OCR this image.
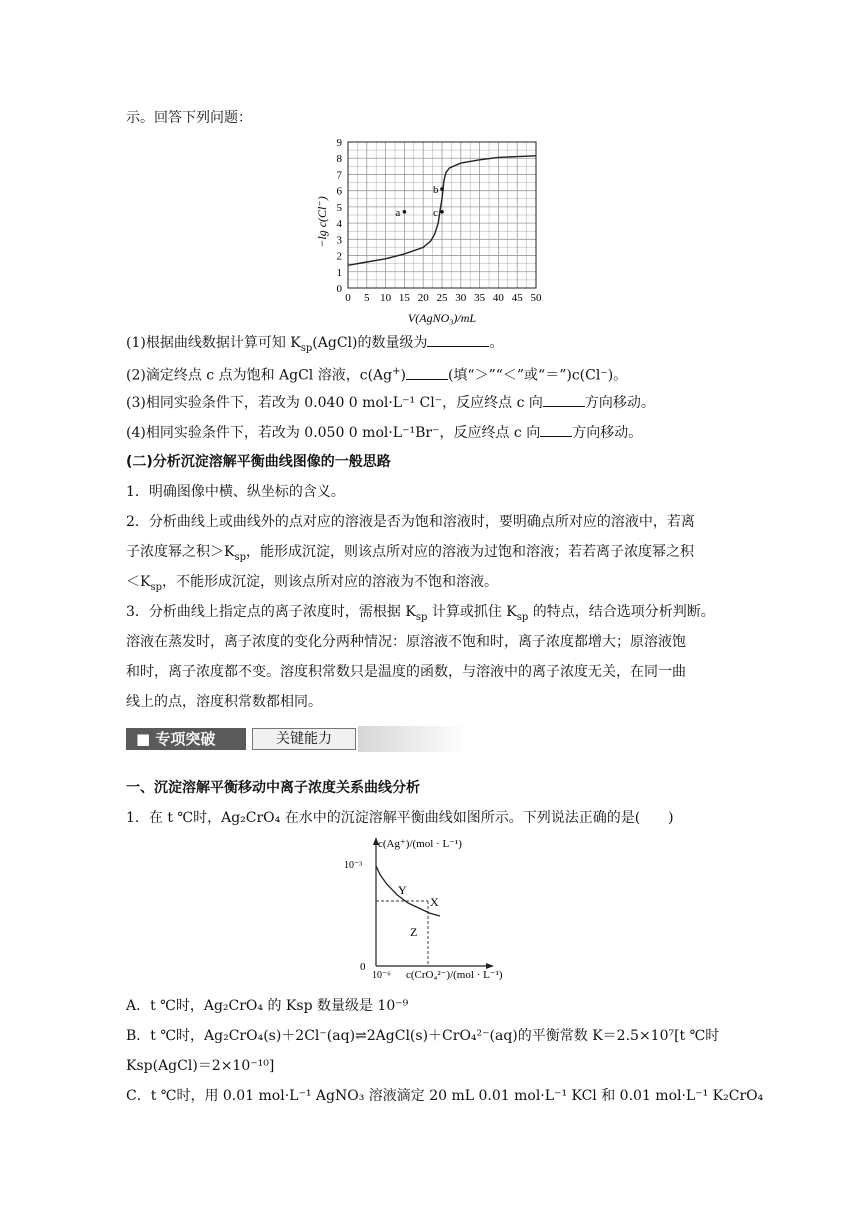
示。回答下列问题：
0 5 10 15 20 25 30 35 40 45 50
0
1
2
3
4
5
6
7
8
9
a
b
c
−lg c(Cl⁻)
V(AgNO₃)/mL
(1)根据曲线数据计算可知 $K_{sp}(AgCl)$的数量级为	。
(2)滴定终点 c 点为饱和 AgCl 溶液，c(Ag+)	(填“＞”“＜”或“＝”)c(Cl⁻)。
(3)相同实验条件下，若改为 0.040 0 mol·L⁻¹ Cl⁻，反应终点 c 向	方向移动。
(4)相同实验条件下，若改为 0.050 0 mol·L⁻¹Br⁻，反应终点 c 向 方向移动。
(二)分析沉淀溶解平衡曲线图像的一般思路
1．明确图像中横、纵坐标的含义。
2．分析曲线上或曲线外的点对应的溶液是否为饱和溶液时，要明确点所对应的溶液中，若离
子浓度幂之积$>K_{sp}$，能形成沉淀，则该点所对应的溶液为过饱和溶液；若若离子浓度幂之积
$<K_{sp}$，不能形成沉淀，则该点所对应的溶液为不饱和溶液。
3．分析曲线上指定点的离子浓度时，需根据 $K_{sp}$ 计算或抓住 $K_{sp}$ 的特点，结合选项分析判断。
溶液在蒸发时，离子浓度的变化分两种情况：原溶液不饱和时，离子浓度都增大；原溶液饱
和时，离子浓度都不变。溶度积常数只是温度的函数，与溶液中的离子浓度无关，在同一曲
线上的点，溶度积常数都相同。
■ 专项突破	关键能力
一、沉淀溶解平衡移动中离子浓度关系曲线分析
1．在 t ℃时，Ag₂CrO₄ 在水中的沉淀溶解平衡曲线如图所示。下列说法正确的是(　　)
c(Ag⁺)/(mol · L⁻¹)
10⁻³
0
10⁻⁶ c(CrO₄²⁻)/(mol · L⁻¹)
Y
X
Z
A．t ℃时，Ag₂CrO₄ 的 Ksp 数量级是 10⁻⁹
B．t ℃时，Ag₂CrO₄(s)＋2Cl⁻(aq)⇌2AgCl(s)＋CrO₄²⁻(aq)的平衡常数 K＝2.5×10⁷[t ℃时
Ksp(AgCl)＝2×10⁻¹⁰]
C．t ℃时，用 0.01 mol·L⁻¹ AgNO₃ 溶液滴定 20 mL 0.01 mol·L⁻¹ KCl 和 0.01 mol·L⁻¹ K₂CrO₄
